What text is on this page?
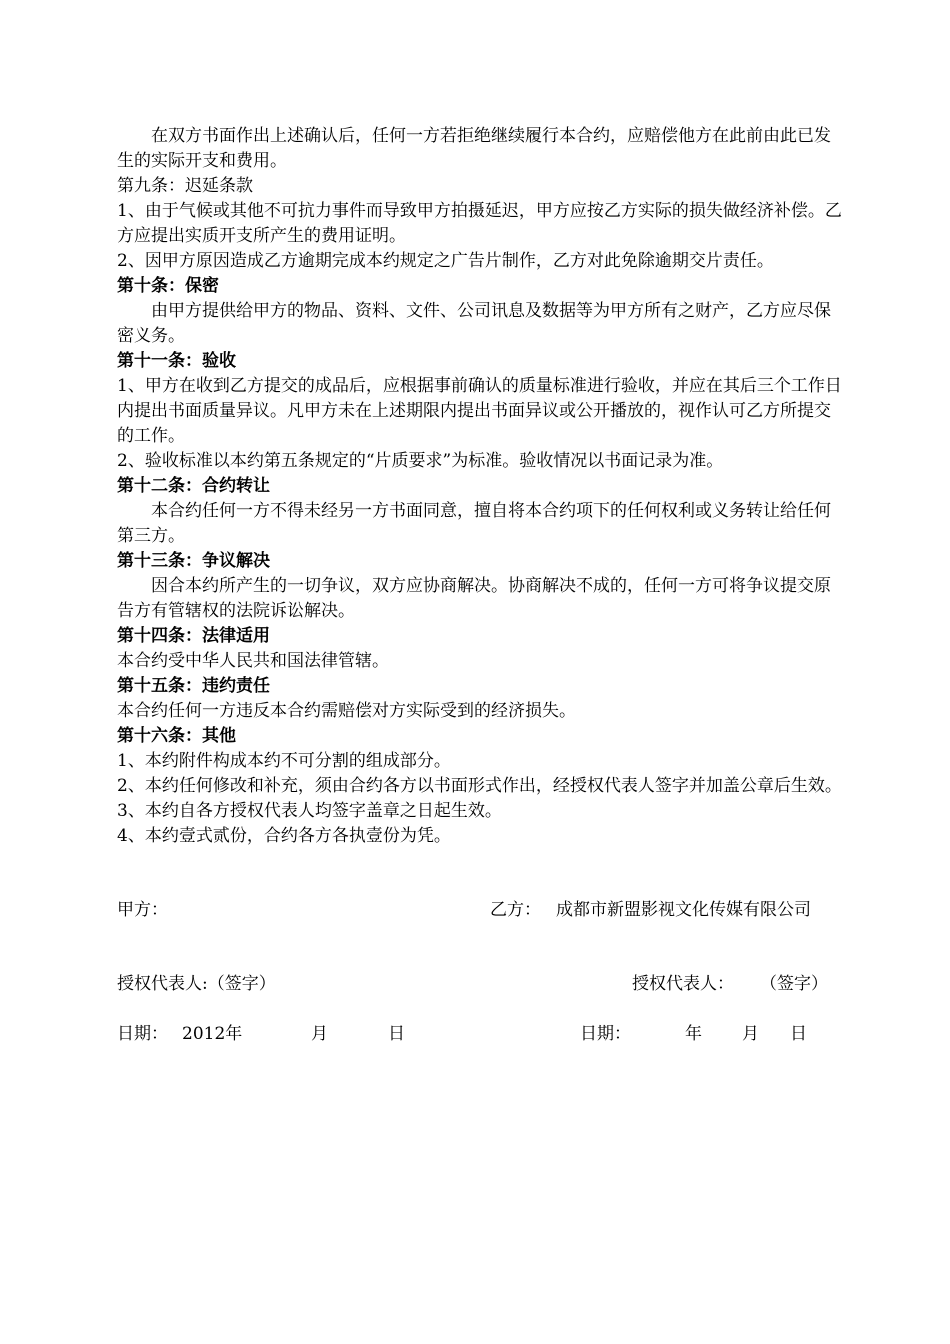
在双方书面作出上述确认后，任何一方若拒绝继续履行本合约，应赔偿他方在此前由此已发生的实际开支和费用。

第九条：迟延条款

1、由于气候或其他不可抗力事件而导致甲方拍摄延迟，甲方应按乙方实际的损失做经济补偿。乙方应提出实质开支所产生的费用证明。

2、因甲方原因造成乙方逾期完成本约规定之广告片制作，乙方对此免除逾期交片责任。

第十条：保密

由甲方提供给甲方的物品、资料、文件、公司讯息及数据等为甲方所有之财产，乙方应尽保密义务。

第十一条：验收

1、甲方在收到乙方提交的成品后，应根据事前确认的质量标准进行验收，并应在其后三个工作日内提出书面质量异议。凡甲方未在上述期限内提出书面异议或公开播放的，视作认可乙方所提交的工作。

2、验收标准以本约第五条规定的“片质要求”为标准。验收情况以书面记录为准。

第十二条：合约转让

本合约任何一方不得未经另一方书面同意，擅自将本合约项下的任何权利或义务转让给任何第三方。

第十三条：争议解决

因合本约所产生的一切争议，双方应协商解决。协商解决不成的，任何一方可将争议提交原告方有管辖权的法院诉讼解决。

第十四条：法律适用

本合约受中华人民共和国法律管辖。

第十五条：违约责任

本合约任何一方违反本合约需赔偿对方实际受到的经济损失。

第十六条：其他

1、本约附件构成本约不可分割的组成部分。

2、本约任何修改和补充，须由合约各方以书面形式作出，经授权代表人签字并加盖公章后生效。

3、本约自各方授权代表人均签字盖章之日起生效。

4、本约壹式贰份，合约各方各执壹份为凭。

甲方：	乙方： 成都市新盟影视文化传媒有限公司
授权代表人:（签字）	授权代表人： （签字）
日期： 2012年	月	日	日期：	年 月 日
